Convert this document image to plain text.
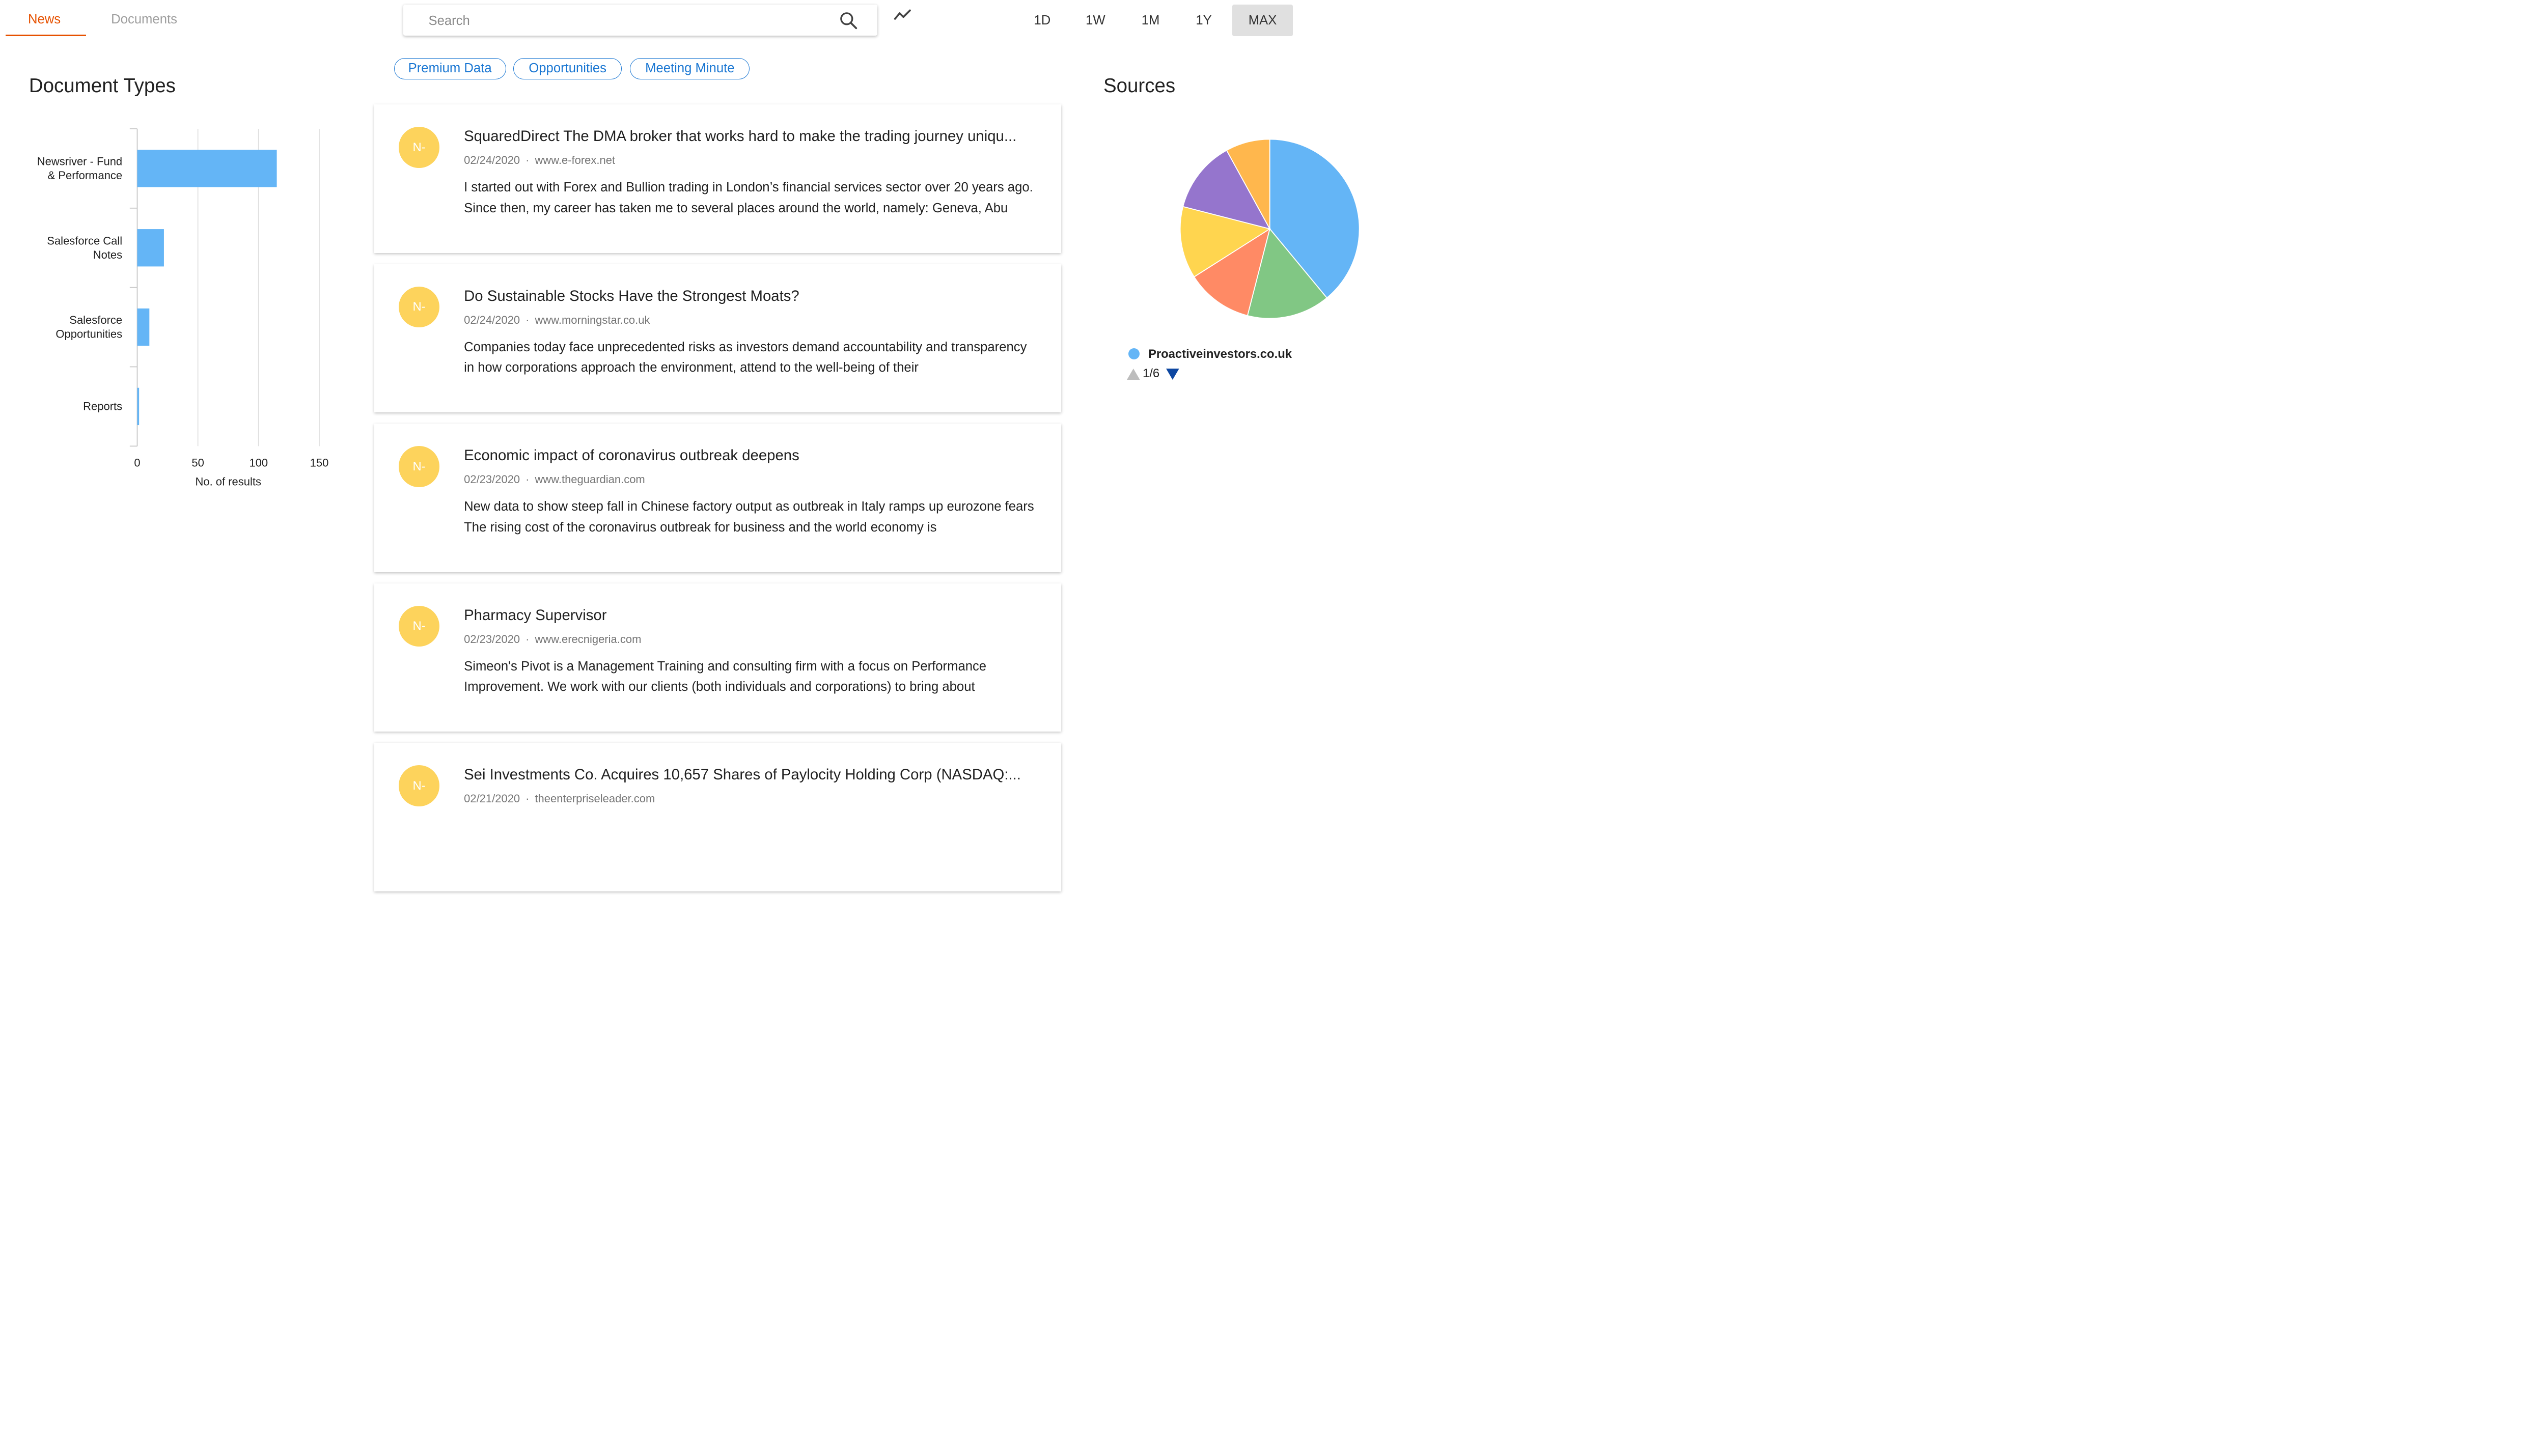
News	Documents
Search	1D	1W	1M	1Y	MAX
Premium Data	Opportunities	Meeting Minute
Document Types
0	50	100	150
Newsriver - Fund
& Performance
Salesforce Call
Notes
Salesforce
Opportunities
Reports
No. of results
N-
SquaredDirect The DMA broker that works hard to make the trading journey uniqu...
02/24/2020 · www.e-forex.net
I started out with Forex and Bullion trading in London’s financial services sector over 20 years ago. Since then, my career has taken me to several places around the world, namely: Geneva, Abu
N-
Do Sustainable Stocks Have the Strongest Moats?
02/24/2020 · www.morningstar.co.uk
Companies today face unprecedented risks as investors demand accountability and transparency in how corporations approach the environment, attend to the well-being of their
N-
Economic impact of coronavirus outbreak deepens
02/23/2020 · www.theguardian.com
New data to show steep fall in Chinese factory output as outbreak in Italy ramps up eurozone fears The rising cost of the coronavirus outbreak for business and the world economy is
N-
Pharmacy Supervisor
02/23/2020 · www.erecnigeria.com
Simeon's Pivot is a Management Training and consulting firm with a focus on Performance Improvement. We work with our clients (both individuals and corporations) to bring about
N-
Sei Investments Co. Acquires 10,657 Shares of Paylocity Holding Corp (NASDAQ:...
02/21/2020 · theenterpriseleader.com
Sources
Proactiveinvestors.co.uk
1/6
